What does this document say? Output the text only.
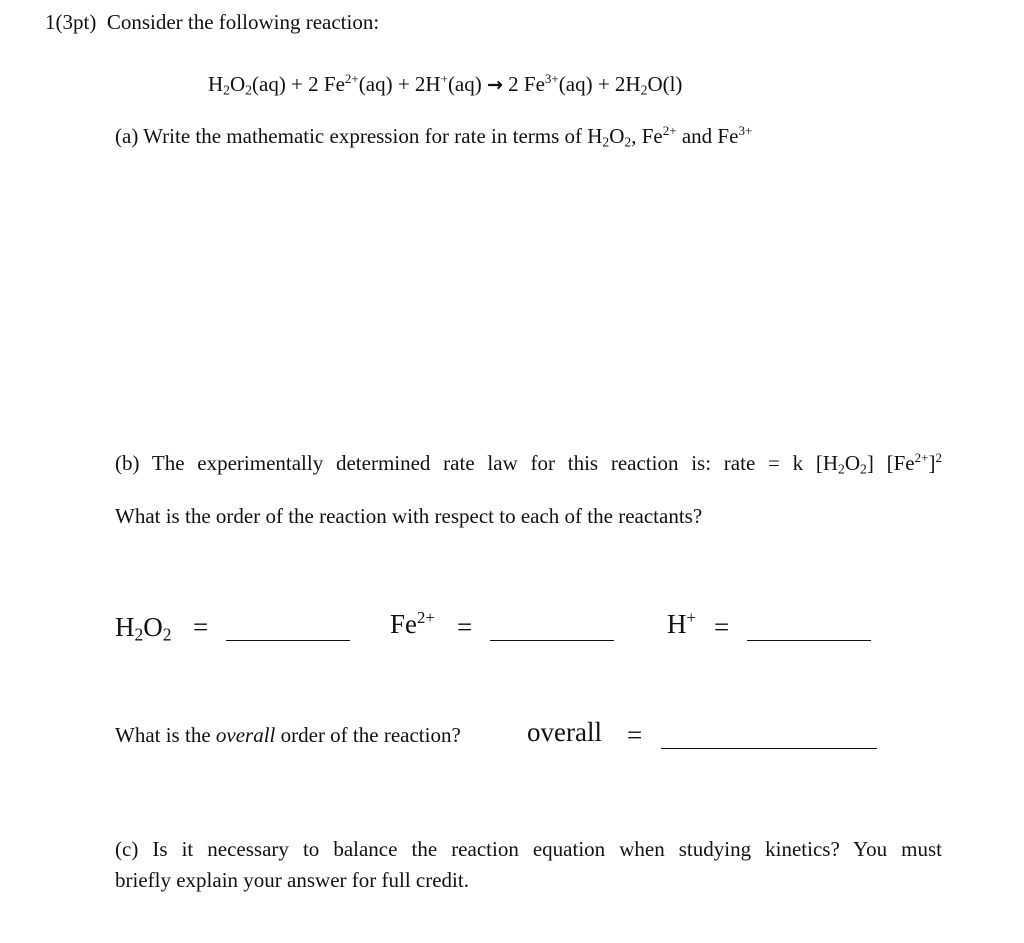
1(3pt) Consider the following reaction:
$H_2O_2(aq) + 2$ $Fe^{2+}(aq) + 2H^+(aq) \to 2$ $Fe^{3+}(aq) + 2H_2O(l)$
(a) Write the mathematic expression for rate in terms of $H_2O_2$, $Fe^{2+}$ and $Fe^{3+}$
(b) The experimentally determined rate law for this reaction is: rate = k $[H_2O_2]$ $[Fe^{2+}]^2$
What is the order of the reaction with respect to each of the reactants?
$H_2O_2$ =	$Fe^{2+}$ =	H+ =
What is the overall order of the reaction? overall =
(c) Is it necessary to balance the reaction equation when studying kinetics? You must
briefly explain your answer for full credit.
